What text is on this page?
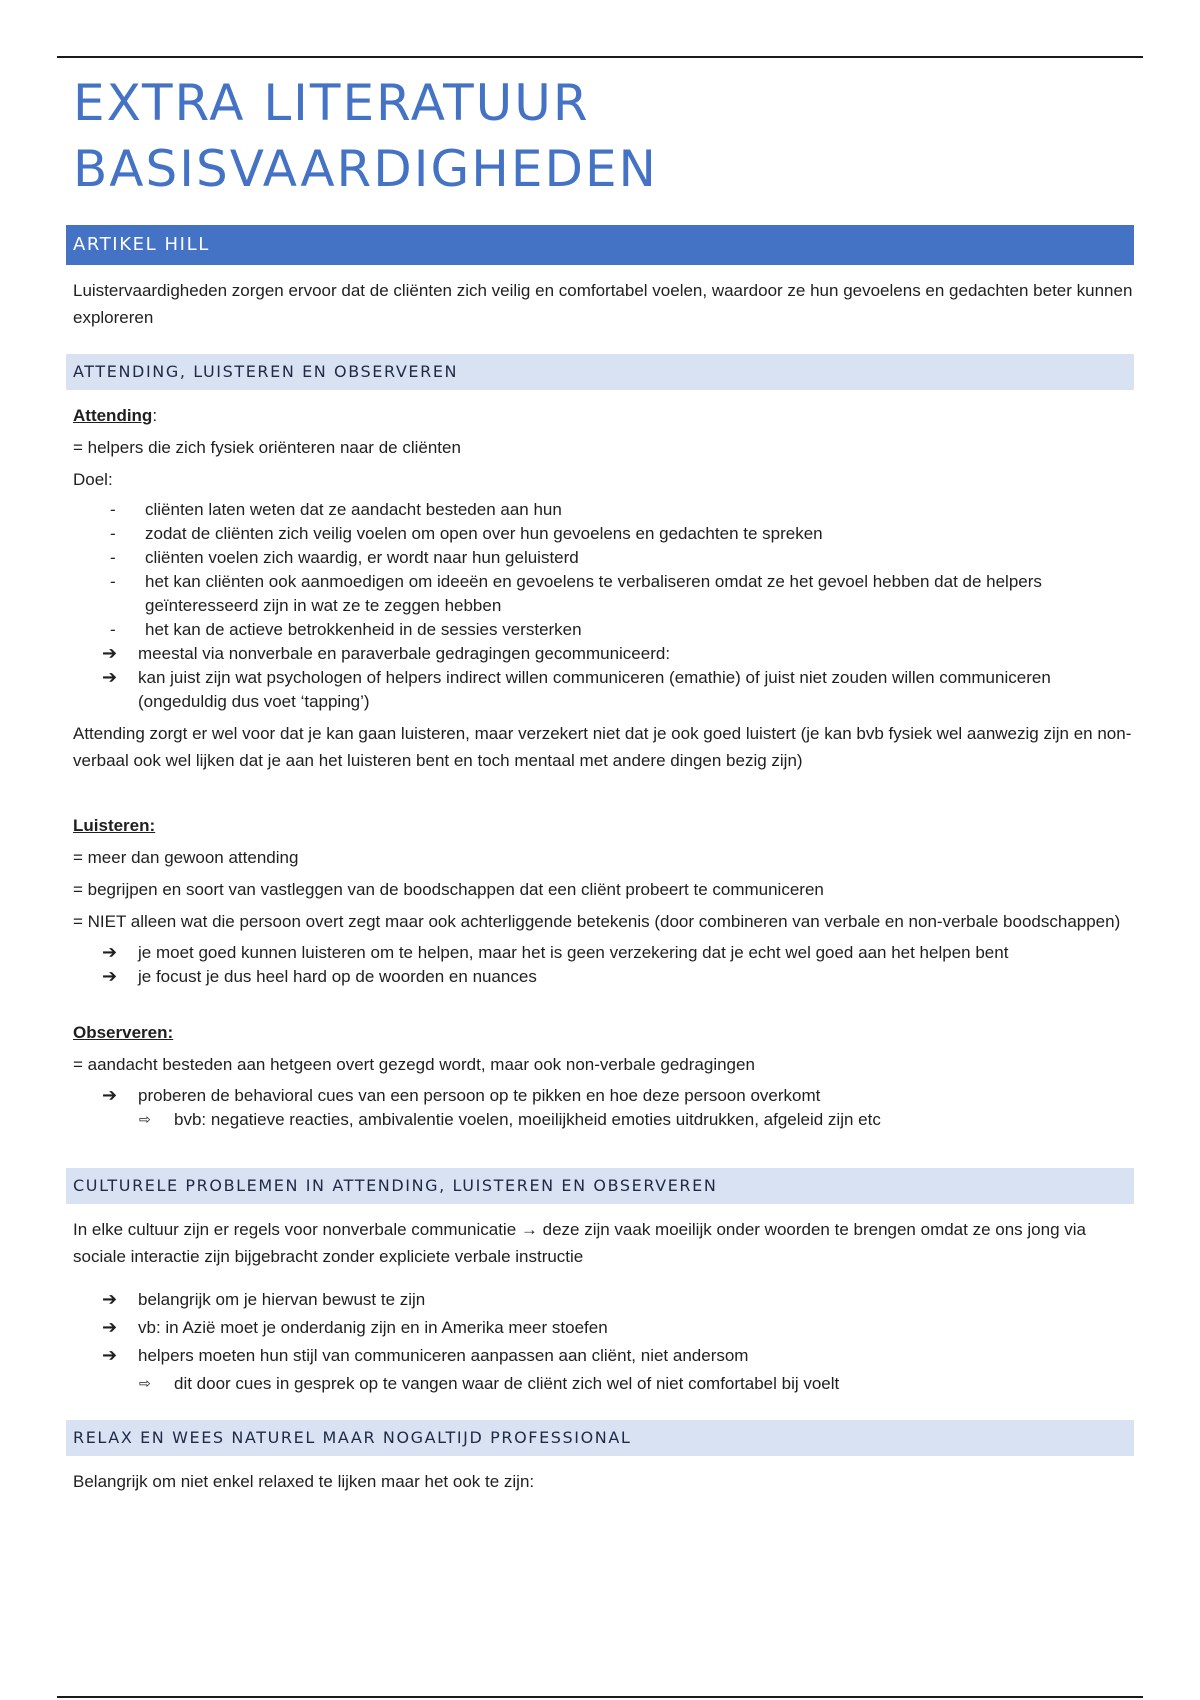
EXTRA LITERATUUR
BASISVAARDIGHEDEN
ARTIKEL HILL

Luistervaardigheden zorgen ervoor dat de cliënten zich veilig en comfortabel voelen, waardoor ze hun gevoelens en gedachten beter kunnen exploreren

ATTENDING, LUISTEREN EN OBSERVEREN

Attending:

= helpers die zich fysiek oriënteren naar de cliënten

Doel:

- cliënten laten weten dat ze aandacht besteden aan hun
- zodat de cliënten zich veilig voelen om open over hun gevoelens en gedachten te spreken
- cliënten voelen zich waardig, er wordt naar hun geluisterd
- het kan cliënten ook aanmoedigen om ideeën en gevoelens te verbaliseren omdat ze het gevoel hebben dat de helpers geïnteresseerd zijn in wat ze te zeggen hebben
- het kan de actieve betrokkenheid in de sessies versterken
➔ meestal via nonverbale en paraverbale gedragingen gecommuniceerd:
➔ kan juist zijn wat psychologen of helpers indirect willen communiceren (emathie) of juist niet zouden willen communiceren (ongeduldig dus voet ‘tapping’)

Attending zorgt er wel voor dat je kan gaan luisteren, maar verzekert niet dat je ook goed luistert (je kan bvb fysiek wel aanwezig zijn en non-verbaal ook wel lijken dat je aan het luisteren bent en toch mentaal met andere dingen bezig zijn)

Luisteren:

= meer dan gewoon attending

= begrijpen en soort van vastleggen van de boodschappen dat een cliënt probeert te communiceren

= NIET alleen wat die persoon overt zegt maar ook achterliggende betekenis (door combineren van verbale en non-verbale boodschappen)

➔ je moet goed kunnen luisteren om te helpen, maar het is geen verzekering dat je echt wel goed aan het helpen bent
➔ je focust je dus heel hard op de woorden en nuances

Observeren:

= aandacht besteden aan hetgeen overt gezegd wordt, maar ook non-verbale gedragingen

➔ proberen de behavioral cues van een persoon op te pikken en hoe deze persoon overkomt
⇨ bvb: negatieve reacties, ambivalentie voelen, moeilijkheid emoties uitdrukken, afgeleid zijn etc
CULTURELE PROBLEMEN IN ATTENDING, LUISTEREN EN OBSERVEREN

In elke cultuur zijn er regels voor nonverbale communicatie → deze zijn vaak moeilijk onder woorden te brengen omdat ze ons jong via sociale interactie zijn bijgebracht zonder expliciete verbale instructie

➔ belangrijk om je hiervan bewust te zijn
➔ vb: in Azië moet je onderdanig zijn en in Amerika meer stoefen
➔ helpers moeten hun stijl van communiceren aanpassen aan cliënt, niet andersom
⇨ dit door cues in gesprek op te vangen waar de cliënt zich wel of niet comfortabel bij voelt
RELAX EN WEES NATUREL MAAR NOGALTIJD PROFESSIONAL

Belangrijk om niet enkel relaxed te lijken maar het ook te zijn:
